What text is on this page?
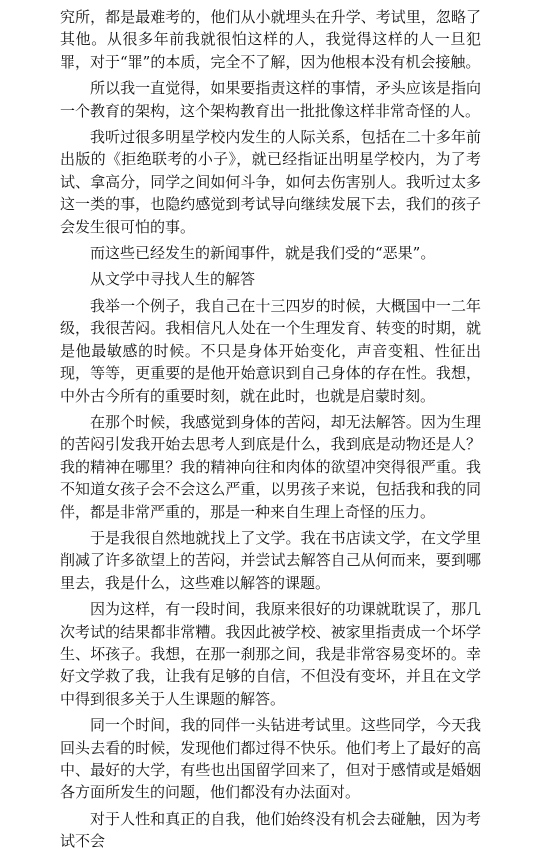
究所，都是最难考的，他们从小就埋头在升学、考试里，忽略了其他。从很多年前我就很怕这样的人，我觉得这样的人一旦犯罪，对于“罪”的本质，完全不了解，因为他根本没有机会接触。

所以我一直觉得，如果要指责这样的事情，矛头应该是指向一个教育的架构，这个架构教育出一批批像这样非常奇怪的人。

我听过很多明星学校内发生的人际关系，包括在二十多年前出版的《拒绝联考的小子》，就已经指证出明星学校内，为了考试、拿高分，同学之间如何斗争，如何去伤害别人。我听过太多这一类的事，也隐约感觉到考试导向继续发展下去，我们的孩子会发生很可怕的事。

而这些已经发生的新闻事件，就是我们受的“恶果”。

从文学中寻找人生的解答

我举一个例子，我自己在十三四岁的时候，大概国中一二年级，我很苦闷。我相信凡人处在一个生理发育、转变的时期，就是他最敏感的时候。不只是身体开始变化，声音变粗、性征出现，等等，更重要的是他开始意识到自己身体的存在性。我想，中外古今所有的重要时刻，就在此时，也就是启蒙时刻。

在那个时候，我感觉到身体的苦闷，却无法解答。因为生理的苦闷引发我开始去思考人到底是什么，我到底是动物还是人？我的精神在哪里？我的精神向往和肉体的欲望冲突得很严重。我不知道女孩子会不会这么严重，以男孩子来说，包括我和我的同伴，都是非常严重的，那是一种来自生理上奇怪的压力。

于是我很自然地就找上了文学。我在书店读文学，在文学里削减了许多欲望上的苦闷，并尝试去解答自己从何而来，要到哪里去，我是什么，这些难以解答的课题。

因为这样，有一段时间，我原来很好的功课就耽误了，那几次考试的结果都非常糟。我因此被学校、被家里指责成一个坏学生、坏孩子。我想，在那一刹那之间，我是非常容易变坏的。幸好文学救了我，让我有足够的自信，不但没有变坏，并且在文学中得到很多关于人生课题的解答。

同一个时间，我的同伴一头钻进考试里。这些同学，今天我回头去看的时候，发现他们都过得不快乐。他们考上了最好的高中、最好的大学，有些也出国留学回来了，但对于感情或是婚姻各方面所发生的问题，他们都没有办法面对。

对于人性和真正的自我，他们始终没有机会去碰触，因为考试不会
